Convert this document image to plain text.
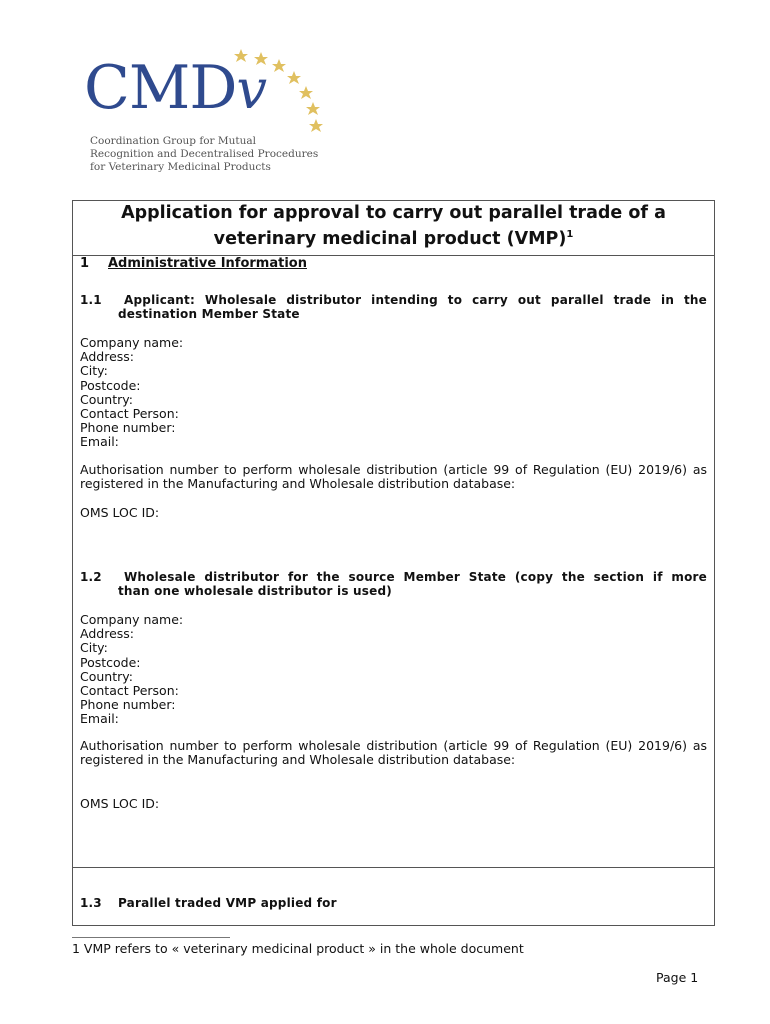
CMDv
Coordination Group for Mutual
Recognition and Decentralised Procedures
for Veterinary Medicinal Products
Application for approval to carry out parallel trade of a
veterinary medicinal product (VMP)$^1$
1 Administrative Information
1.1	Applicant: Wholesale distributor intending to carry out parallel trade in the
destination Member State
Company name:
Address:
City:
Postcode:
Country:
Contact Person:
Phone number:
Email:
Authorisation number to perform wholesale distribution (article 99 of Regulation (EU) 2019/6) as
registered in the Manufacturing and Wholesale distribution database:
OMS LOC ID:
1.2	Wholesale distributor for the source Member State (copy the section if more
than one wholesale distributor is used)
Company name:
Address:
City:
Postcode:
Country:
Contact Person:
Phone number:
Email:
Authorisation number to perform wholesale distribution (article 99 of Regulation (EU) 2019/6) as
registered in the Manufacturing and Wholesale distribution database:
OMS LOC ID:
1.3 Parallel traded VMP applied for
1 VMP refers to « veterinary medicinal product » in the whole document
Page 1
